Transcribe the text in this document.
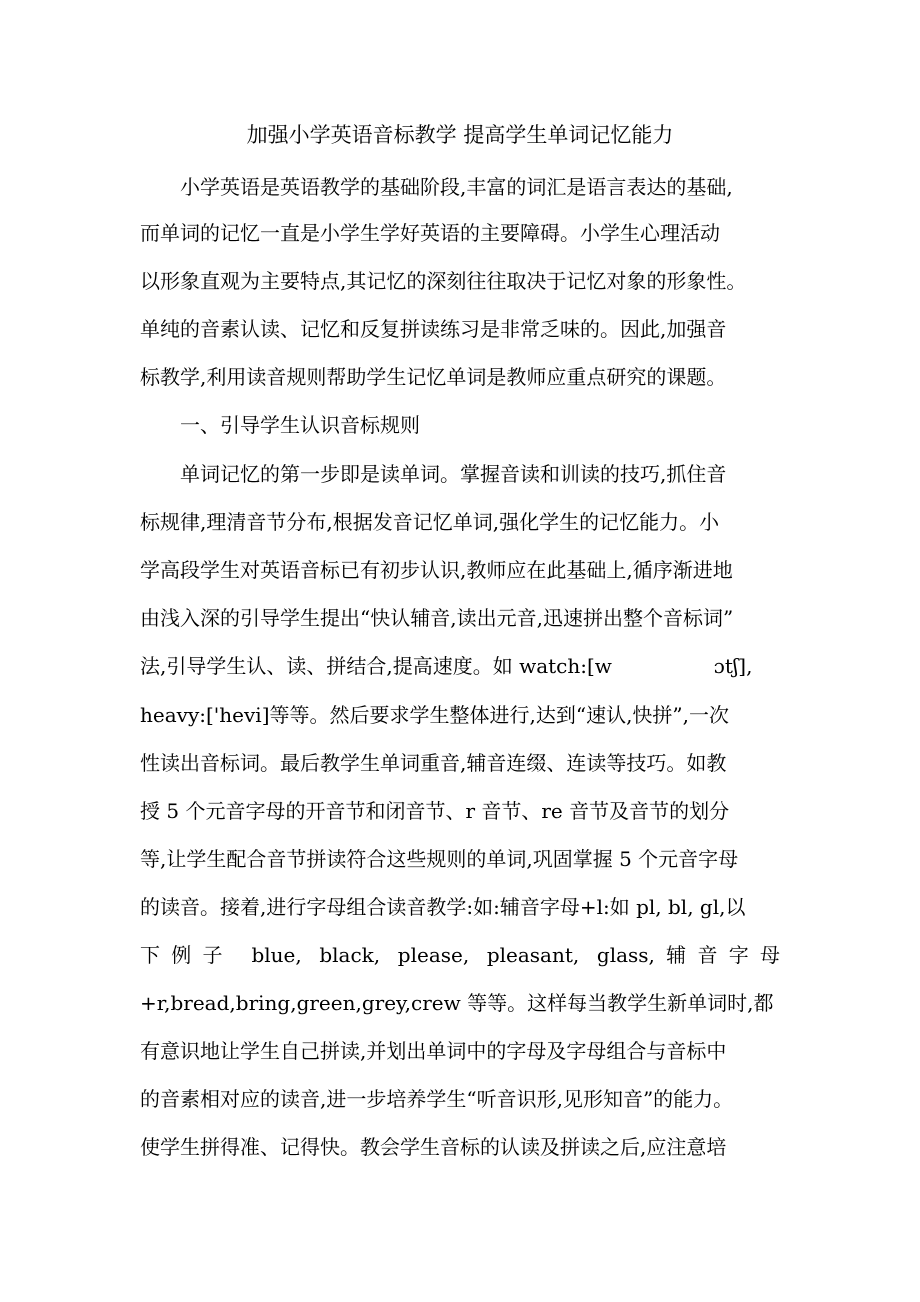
加强小学英语音标教学 提高学生单词记忆能力
小学英语是英语教学的基础阶段,丰富的词汇是语言表达的基础,
而单词的记忆一直是小学生学好英语的主要障碍。小学生心理活动
以形象直观为主要特点,其记忆的深刻往往取决于记忆对象的形象性。
单纯的音素认读、记忆和反复拼读练习是非常乏味的。因此,加强音
标教学,利用读音规则帮助学生记忆单词是教师应重点研究的课题。
一、引导学生认识音标规则
单词记忆的第一步即是读单词。掌握音读和训读的技巧,抓住音
标规律,理清音节分布,根据发音记忆单词,强化学生的记忆能力。小
学高段学生对英语音标已有初步认识,教师应在此基础上,循序渐进地
由浅入深的引导学生提出“快认辅音,读出元音,迅速拼出整个音标词”
法,引导学生认、读、拼结合,提高速度。如 watch:[w                ɔtʃ],
heavy:['hevi]等等。然后要求学生整体进行,达到“速认,快拼”,一次
性读出音标词。最后教学生单词重音,辅音连缀、连读等技巧。如教
授 5 个元音字母的开音节和闭音节、r 音节、re 音节及音节的划分
等,让学生配合音节拼读符合这些规则的单词,巩固掌握 5 个元音字母
的读音。接着,进行字母组合读音教学:如:辅音字母+l:如 pl, bl, gl,以
下例子 blue, black, please, pleasant, glass,辅音字母
+r,bread,bring,green,grey,crew 等等。这样每当教学生新单词时,都
有意识地让学生自己拼读,并划出单词中的字母及字母组合与音标中
的音素相对应的读音,进一步培养学生“听音识形,见形知音”的能力。
使学生拼得准、记得快。教会学生音标的认读及拼读之后,应注意培
